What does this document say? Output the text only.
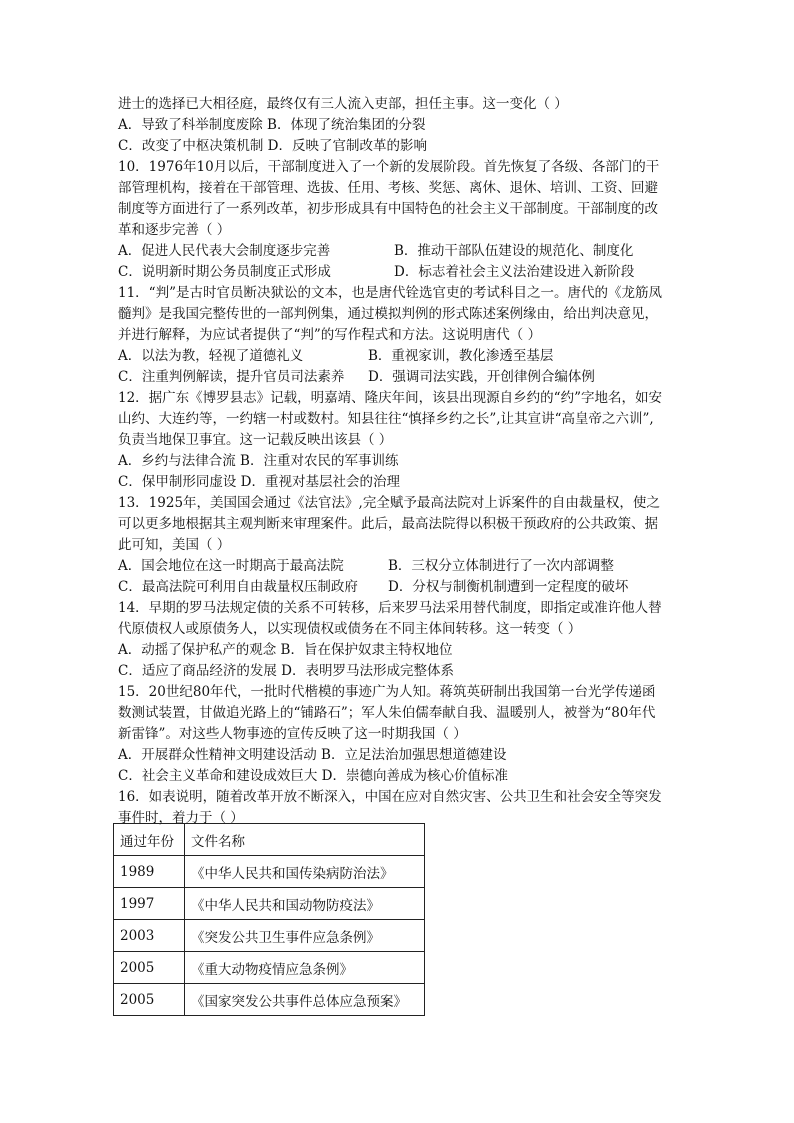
进士的选择已大相径庭，最终仅有三人流入吏部，担任主事。这一变化（ ）
A．导致了科举制度废除 B．体现了统治集团的分裂
C．改变了中枢决策机制 D．反映了官制改革的影响
10．1976年10月以后，干部制度进入了一个新的发展阶段。首先恢复了各级、各部门的干
部管理机构，接着在干部管理、选拔、任用、考核、奖惩、离休、退休、培训、工资、回避
制度等方面进行了一系列改革，初步形成具有中国特色的社会主义干部制度。干部制度的改
革和逐步完善（ ）
A．促进人民代表大会制度逐步完善	B．推动干部队伍建设的规范化、制度化
C．说明新时期公务员制度正式形成	D．标志着社会主义法治建设进入新阶段
11．“判”是古时官员断决狱讼的文本，也是唐代铨选官吏的考试科目之一。唐代的《龙筋凤
髓判》是我国完整传世的一部判例集，通过模拟判例的形式陈述案例缘由，给出判决意见，
并进行解释，为应试者提供了“判”的写作程式和方法。这说明唐代（ ）
A．以法为教，轻视了道德礼义	B．重视家训，教化渗透至基层
C．注重判例解读，提升官员司法素养 D．强调司法实践，开创律例合编体例
12．据广东《博罗县志》记载，明嘉靖、隆庆年间，该县出现源自乡约的“约”字地名，如安
山约、大连约等，一约辖一村或数村。知县往往“慎择乡约之长”,让其宣讲“高皇帝之六训”,
负责当地保卫事宜。这一记载反映出该县（ ）
A．乡约与法律合流 B．注重对农民的军事训练
C．保甲制形同虚设 D．重视对基层社会的治理
13．1925年，美国国会通过《法官法》,完全赋予最高法院对上诉案件的自由裁量权，使之
可以更多地根据其主观判断来审理案件。此后，最高法院得以积极干预政府的公共政策、据
此可知，美国（ ）
A．国会地位在这一时期高于最高法院	B．三权分立体制进行了一次内部调整
C．最高法院可利用自由裁量权压制政府 D．分权与制衡机制遭到一定程度的破坏
14．早期的罗马法规定债的关系不可转移，后来罗马法采用替代制度，即指定或准许他人替
代原债权人或原债务人，以实现债权或债务在不同主体间转移。这一转变（ ）
A．动摇了保护私产的观念 B．旨在保护奴隶主特权地位
C．适应了商品经济的发展 D．表明罗马法形成完整体系
15．20世纪80年代，一批时代楷模的事迹广为人知。蒋筑英研制出我国第一台光学传递函
数测试装置，甘做追光路上的“铺路石”；军人朱伯儒奉献自我、温暖别人，被誉为“80年代
新雷锋”。对这些人物事迹的宣传反映了这一时期我国（ ）
A．开展群众性精神文明建设活动 B．立足法治加强思想道德建设
C．社会主义革命和建设成效巨大 D．崇德向善成为核心价值标准
16．如表说明，随着改革开放不断深入，中国在应对自然灾害、公共卫生和社会安全等突发
事件时，着力于（ ）
通过年份	文件名称
1989	《中华人民共和国传染病防治法》
1997	《中华人民共和国动物防疫法》
2003	《突发公共卫生事件应急条例》
2005	《重大动物疫情应急条例》
2005	《国家突发公共事件总体应急预案》
